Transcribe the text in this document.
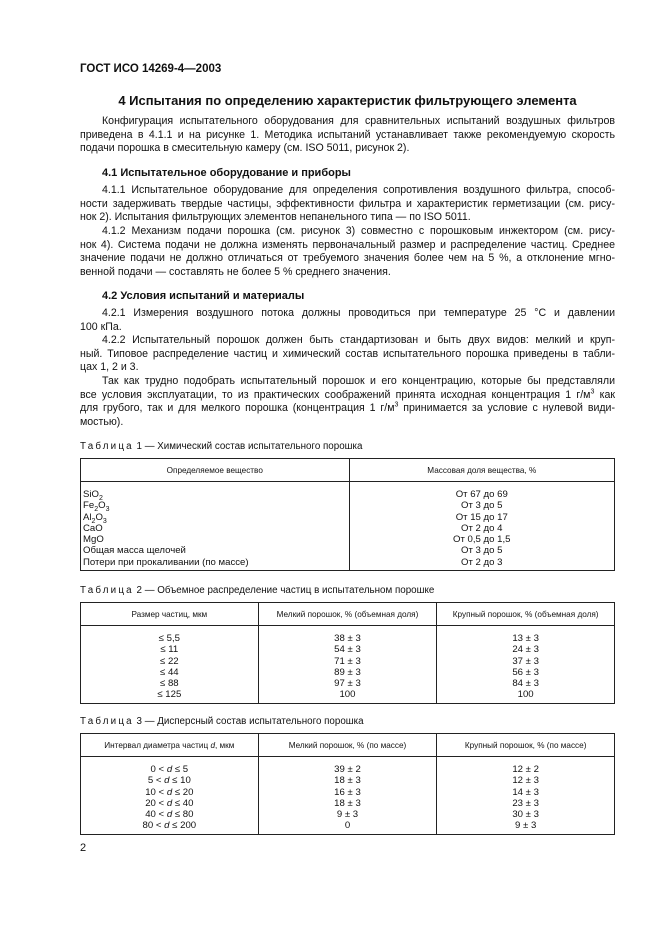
ГОСТ ИСО 14269-4—2003
4 Испытания по определению характеристик фильтрующего элемента
Конфигурация испытательного оборудования для сравнительных испытаний воздушных фильтров
приведена в 4.1.1 и на рисунке 1. Методика испытаний устанавливает также рекомендуемую скорость
подачи порошка в смесительную камеру (см. ISO 5011, рисунок 2).
4.1 Испытательное оборудование и приборы
4.1.1 Испытательное оборудование для определения сопротивления воздушного фильтра, способ-
ности задерживать твердые частицы, эффективности фильтра и характеристик герметизации (см. рису-
нок 2). Испытания фильтрующих элементов непанельного типа — по ISO 5011.
4.1.2 Механизм подачи порошка (см. рисунок 3) совместно с порошковым инжектором (см. рису-
нок 4). Система подачи не должна изменять первоначальный размер и распределение частиц. Среднее
значение подачи не должно отличаться от требуемого значения более чем на 5 %, а отклонение мгно-
венной подачи — составлять не более 5 % среднего значения.
4.2 Условия испытаний и материалы
4.2.1 Измерения воздушного потока должны проводиться при температуре 25 °С и давлении
100 кПа.
4.2.2 Испытательный порошок должен быть стандартизован и быть двух видов: мелкий и круп-
ный. Типовое распределение частиц и химический состав испытательного порошка приведены в табли-
цах 1, 2 и 3.
Так как трудно подобрать испытательный порошок и его концентрацию, которые бы представляли
все условия эксплуатации, то из практических соображений принята исходная концентрация 1 $г/м^3$ как
для грубого, так и для мелкого порошка (концентрация 1 $г/м^3$ принимается за условие с нулевой види-
мостью).
Таблица 1 — Химический состав испытательного порошка
Определяемое вещество	Массовая доля вещества, %
SiO$_2$	От 67 до 69
$Fe_2O_3$	От 3 до 5
$Al_2O_3$	От 15 до 17
CaO	От 2 до 4
MgO	От 0,5 до 1,5
Общая масса щелочей	От 3 до 5
Потери при прокаливании (по массе)	От 2 до 3
Таблица 2 — Объемное распределение частиц в испытательном порошке
Размер частиц, мкм	Мелкий порошок, % (объемная доля)	Крупный порошок, % (объемная доля)
≤ 5,5	38 ± 3	13 ± 3
≤ 11	54 ± 3	24 ± 3
≤ 22	71 ± 3	37 ± 3
≤ 44	89 ± 3	56 ± 3
≤ 88	97 ± 3	84 ± 3
≤ 125	100	100
Таблица 3 — Дисперсный состав испытательного порошка
Интервал диаметра частиц d, мкм	Мелкий порошок, % (по массе)	Крупный порошок, % (по массе)
0 < d ≤ 5	39 ± 2	12 ± 2
5 < d ≤ 10	18 ± 3	12 ± 3
10 < d ≤ 20	16 ± 3	14 ± 3
20 < d ≤ 40	18 ± 3	23 ± 3
40 < d ≤ 80	9 ± 3	30 ± 3
80 < d ≤ 200	0	9 ± 3
2
